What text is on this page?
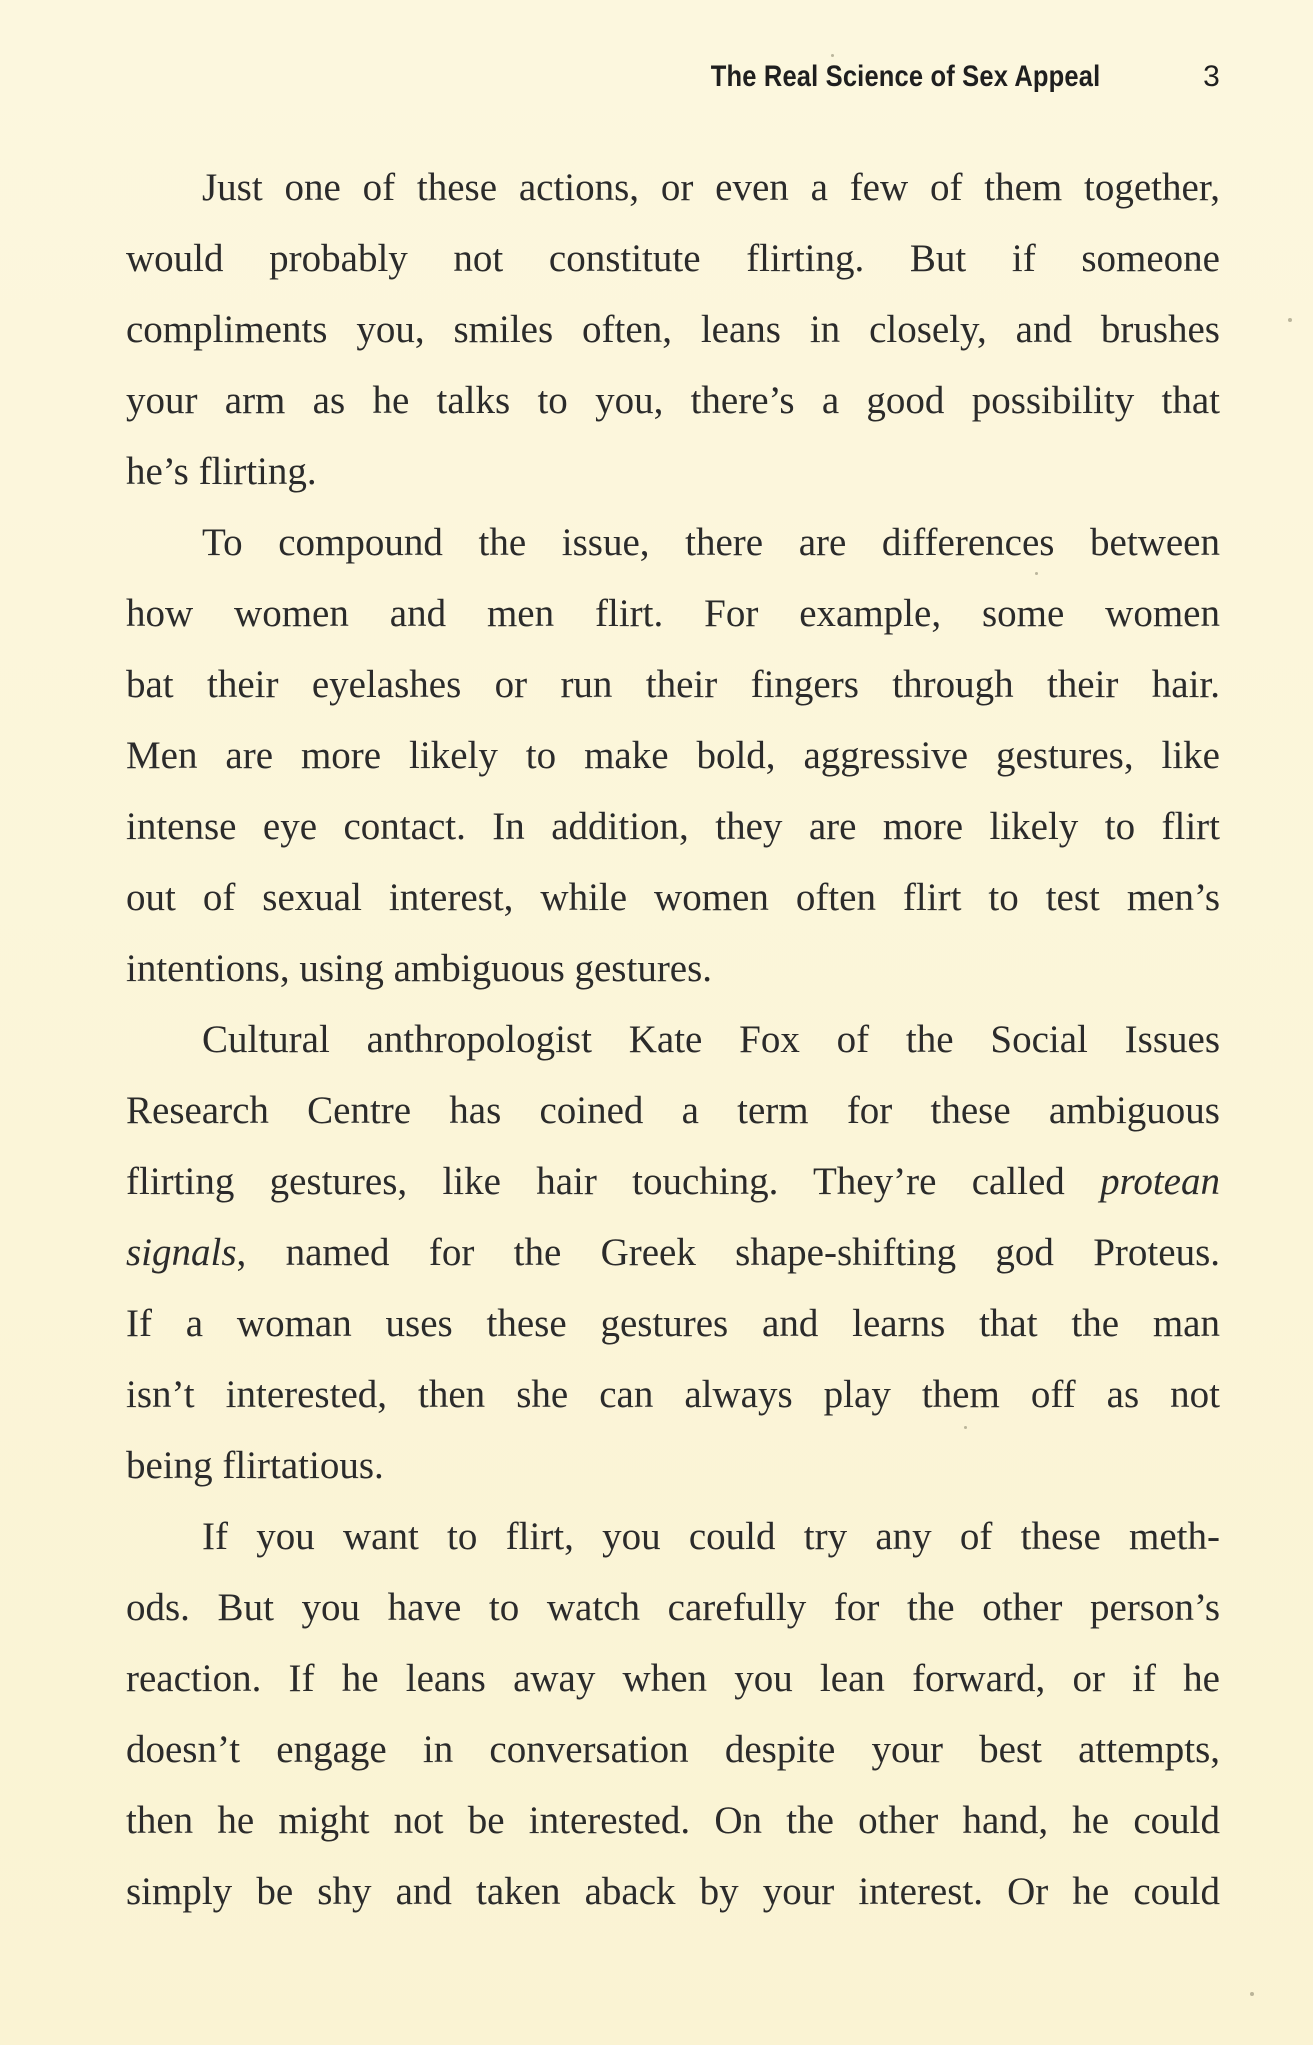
The Real Science of Sex Appeal	3

Just one of these actions, or even a few of them together,
would probably not constitute flirting. But if someone
compliments you, smiles often, leans in closely, and brushes
your arm as he talks to you, there’s a good possibility that
he’s flirting.

To compound the issue, there are differences between
how women and men flirt. For example, some women
bat their eyelashes or run their fingers through their hair.
Men are more likely to make bold, aggressive gestures, like
intense eye contact. In addition, they are more likely to flirt
out of sexual interest, while women often flirt to test men’s
intentions, using ambiguous gestures.

Cultural anthropologist Kate Fox of the Social Issues
Research Centre has coined a term for these ambiguous
flirting gestures, like hair touching. They’re called protean
signals, named for the Greek shape-shifting god Proteus.
If a woman uses these gestures and learns that the man
isn’t interested, then she can always play them off as not
being flirtatious.

If you want to flirt, you could try any of these meth-
ods. But you have to watch carefully for the other person’s
reaction. If he leans away when you lean forward, or if he
doesn’t engage in conversation despite your best attempts,
then he might not be interested. On the other hand, he could
simply be shy and taken aback by your interest. Or he could
